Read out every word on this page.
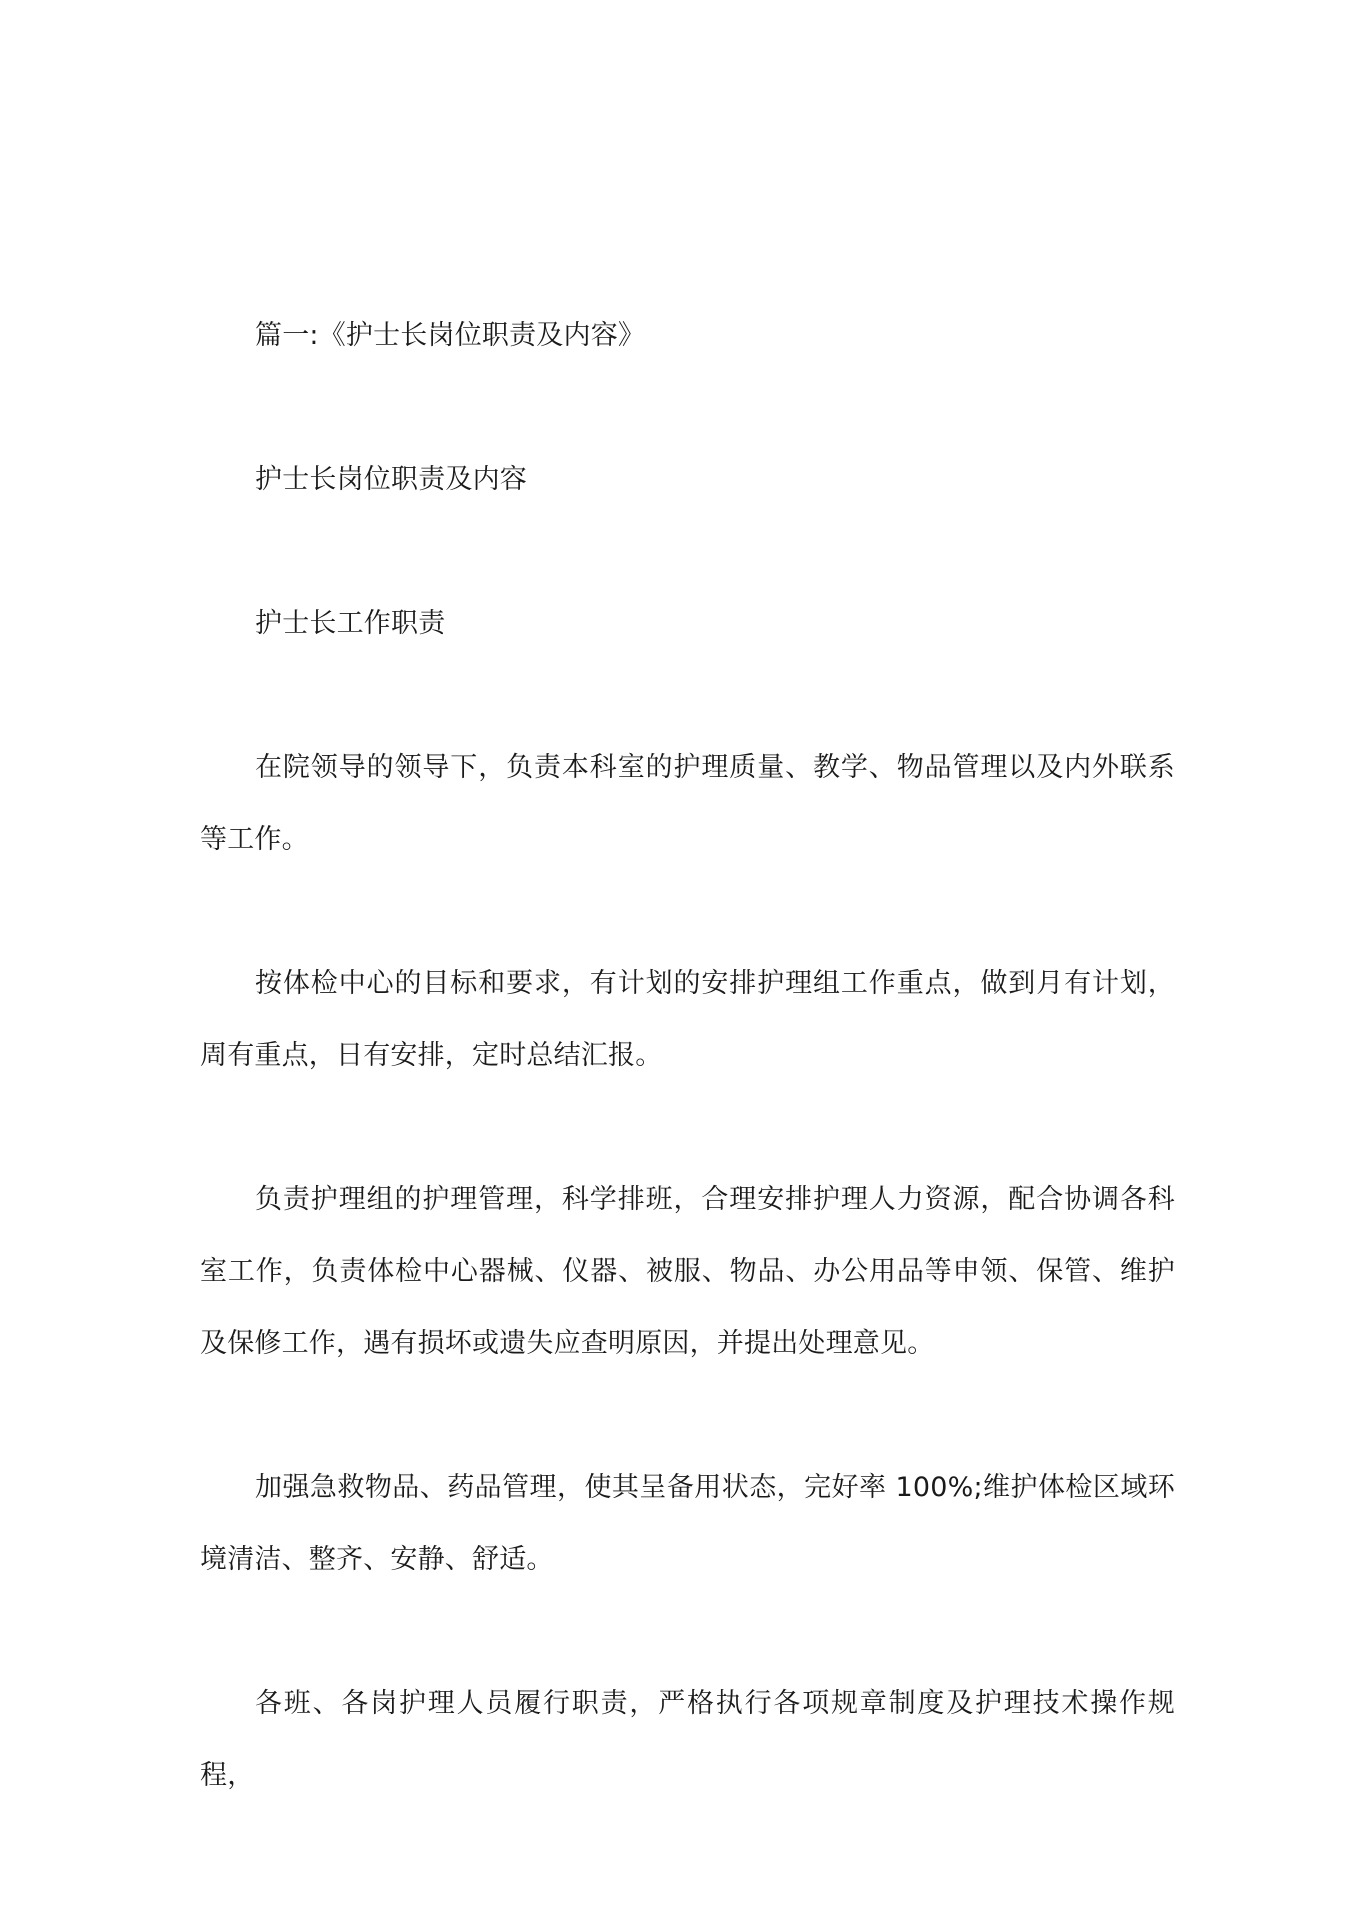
篇一:《护士长岗位职责及内容》

护士长岗位职责及内容

护士长工作职责

在院领导的领导下，负责本科室的护理质量、教学、物品管理以及内外联系等工作。

按体检中心的目标和要求，有计划的安排护理组工作重点，做到月有计划，周有重点，日有安排，定时总结汇报。

负责护理组的护理管理，科学排班，合理安排护理人力资源，配合协调各科室工作，负责体检中心器械、仪器、被服、物品、办公用品等申领、保管、维护及保修工作，遇有损坏或遗失应查明原因，并提出处理意见。

加强急救物品、药品管理，使其呈备用状态，完好率 100%;维护体检区域环境清洁、整齐、安静、舒适。

各班、各岗护理人员履行职责，严格执行各项规章制度及护理技术操作规程，
